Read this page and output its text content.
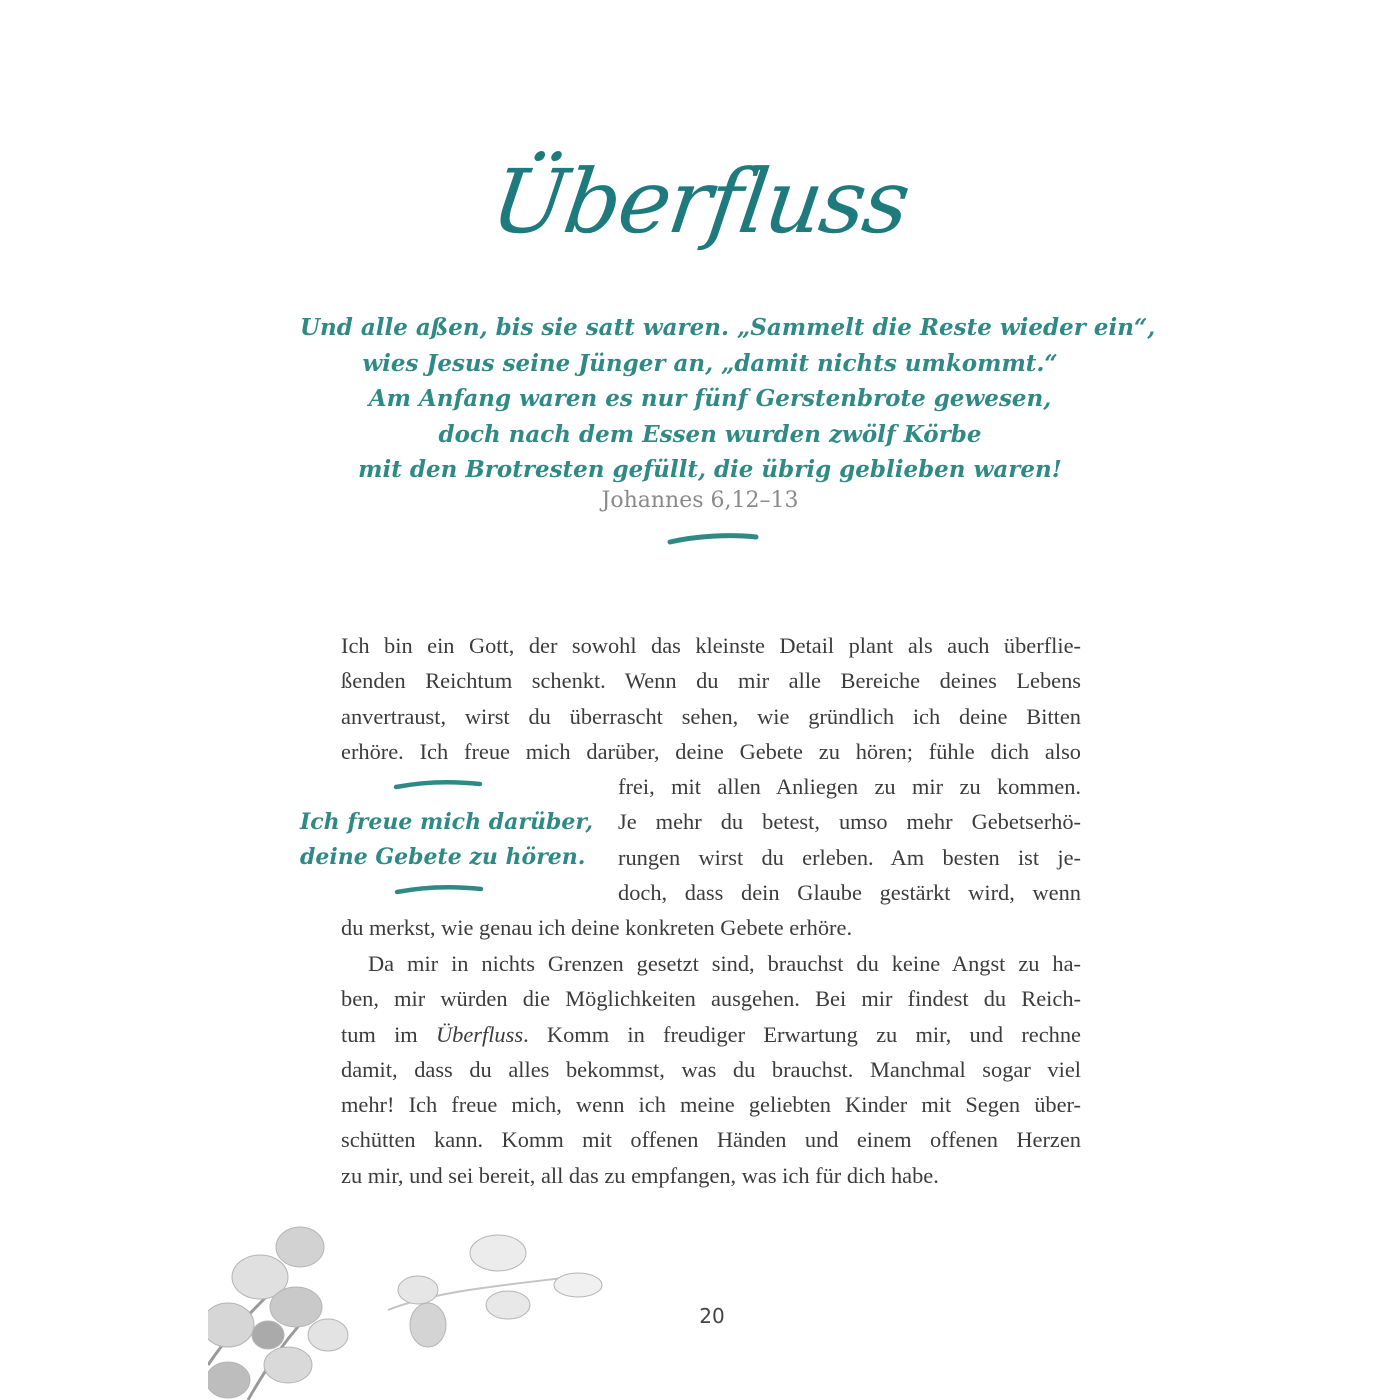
Überfluss
Und alle aßen, bis sie satt waren. „Sammelt die Reste wieder ein“,
wies Jesus seine Jünger an, „damit nichts umkommt.“
Am Anfang waren es nur fünf Gerstenbrote gewesen,
doch nach dem Essen wurden zwölf Körbe
mit den Brotresten gefüllt, die übrig geblieben waren!
Johannes 6,12–13
Ich bin ein Gott, der sowohl das kleinste Detail plant als auch überflie-
ßenden Reichtum schenkt. Wenn du mir alle Bereiche deines Lebens
anvertraust, wirst du überrascht sehen, wie gründlich ich deine Bitten
erhöre. Ich freue mich darüber, deine Gebete zu hören; fühle dich also
frei, mit allen Anliegen zu mir zu kommen.
Je mehr du betest, umso mehr Gebetserhö-
rungen wirst du erleben. Am besten ist je-
doch, dass dein Glaube gestärkt wird, wenn
du merkst, wie genau ich deine konkreten Gebete erhöre.
Ich freue mich darüber,
deine Gebete zu hören.
Da mir in nichts Grenzen gesetzt sind, brauchst du keine Angst zu ha-
ben, mir würden die Möglichkeiten ausgehen. Bei mir findest du Reich-
tum im Überfluss. Komm in freudiger Erwartung zu mir, und rechne
damit, dass du alles bekommst, was du brauchst. Manchmal sogar viel
mehr! Ich freue mich, wenn ich meine geliebten Kinder mit Segen über-
schütten kann. Komm mit offenen Händen und einem offenen Herzen
zu mir, und sei bereit, all das zu empfangen, was ich für dich habe.
20
